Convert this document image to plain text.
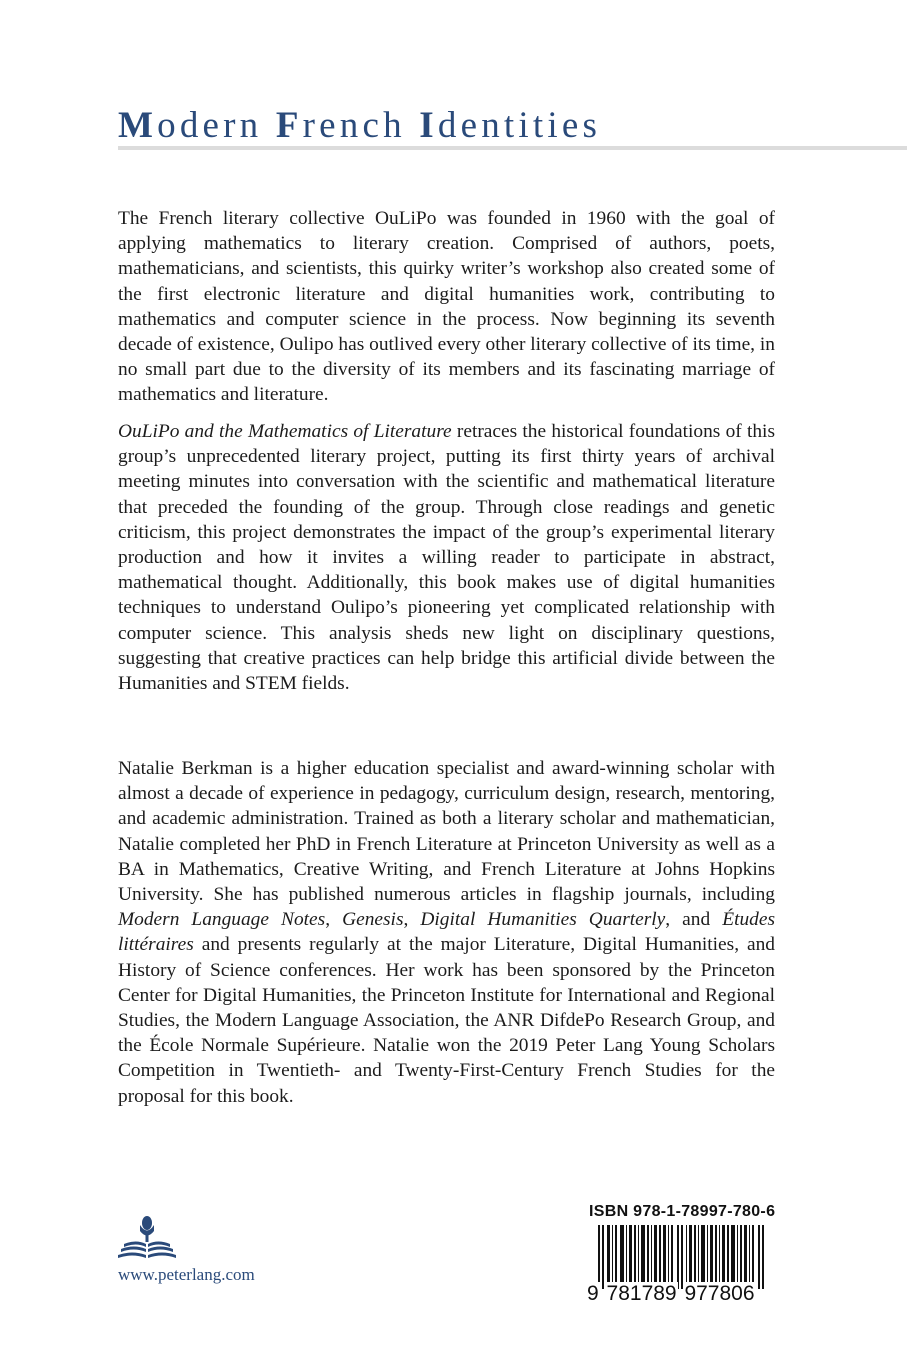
Modern French Identities

The French literary collective OuLiPo was founded in 1960 with the goal of applying mathematics to literary creation. Comprised of authors, poets, mathematicians, and scientists, this quirky writer’s workshop also created some of the first electronic literature and digital humanities work, contributing to mathematics and computer science in the process. Now beginning its seventh decade of existence, Oulipo has outlived every other literary collective of its time, in no small part due to the diversity of its members and its fascinating marriage of mathematics and literature.

OuLiPo and the Mathematics of Literature retraces the historical foundations of this group’s unprecedented literary project, putting its first thirty years of archival meeting minutes into conversation with the scientific and mathematical literature that preceded the founding of the group. Through close readings and genetic criticism, this project demonstrates the impact of the group’s experimental literary production and how it invites a willing reader to participate in abstract, mathematical thought. Additionally, this book makes use of digital humanities techniques to understand Oulipo’s pioneering yet complicated relationship with computer science. This analysis sheds new light on disciplinary questions, suggesting that creative practices can help bridge this artificial divide between the Humanities and STEM fields.

Natalie Berkman is a higher education specialist and award-winning scholar with almost a decade of experience in pedagogy, curriculum design, research, mentoring, and academic administration. Trained as both a literary scholar and mathematician, Natalie completed her PhD in French Literature at Princeton University as well as a BA in Mathematics, Creative Writing, and French Literature at Johns Hopkins University. She has published numerous articles in flagship journals, including Modern Language Notes, Genesis, Digital Humanities Quarterly, and Études littéraires and presents regularly at the major Literature, Digital Humanities, and History of Science conferences. Her work has been sponsored by the Princeton Center for Digital Humanities, the Princeton Institute for International and Regional Studies, the Modern Language Association, the ANR DifdePo Research Group, and the École Normale Supérieure. Natalie won the 2019 Peter Lang Young Scholars Competition in Twentieth- and Twenty-First-Century French Studies for the proposal for this book.

www.peterlang.com

ISBN 978-1-78997-780-6

9 781789 977806
